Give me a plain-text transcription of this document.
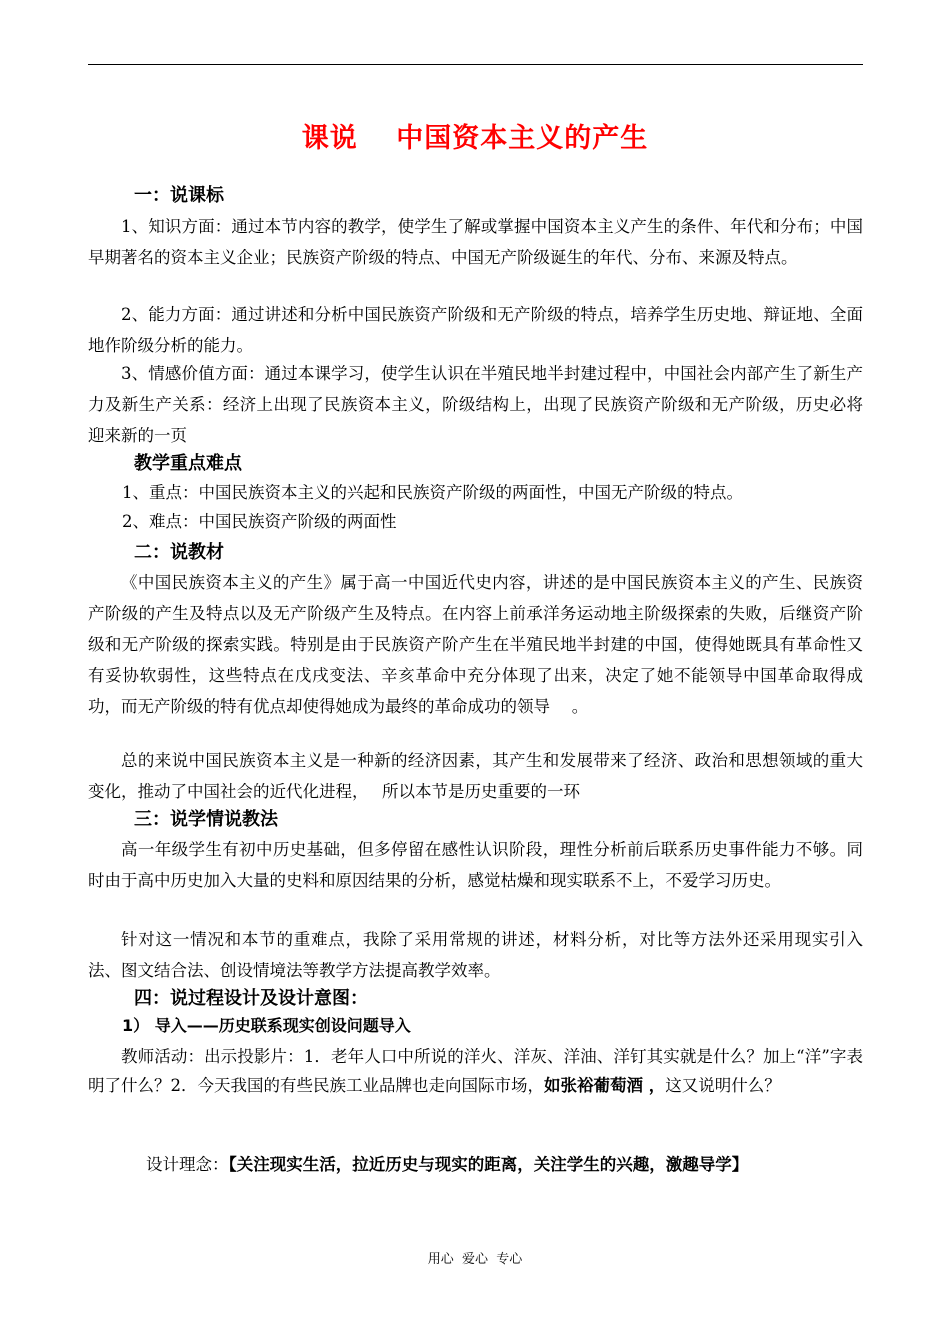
课说　 中国资本主义的产生
一：说课标
1、知识方面：通过本节内容的教学，使学生了解或掌握中国资本主义产生的条件、年代和分布；中国早期著名的资本主义企业；民族资产阶级的特点、中国无产阶级诞生的年代、分布、来源及特点。
2、能力方面：通过讲述和分析中国民族资产阶级和无产阶级的特点，培养学生历史地、辩证地、全面地作阶级分析的能力。
3、情感价值方面：通过本课学习，使学生认识在半殖民地半封建过程中，中国社会内部产生了新生产力及新生产关系：经济上出现了民族资本主义，阶级结构上，出现了民族资产阶级和无产阶级，历史必将迎来新的一页
教学重点难点
1、重点：中国民族资本主义的兴起和民族资产阶级的两面性，中国无产阶级的特点。
2、难点：中国民族资产阶级的两面性
二：说教材
《中国民族资本主义的产生》属于高一中国近代史内容，讲述的是中国民族资本主义的产生、民族资产阶级的产生及特点以及无产阶级产生及特点。在内容上前承洋务运动地主阶级探索的失败，后继资产阶级和无产阶级的探索实践。特别是由于民族资产阶产生在半殖民地半封建的中国，使得她既具有革命性又有妥协软弱性，这些特点在戊戌变法、辛亥革命中充分体现了出来，决定了她不能领导中国革命取得成功，而无产阶级的特有优点却使得她成为最终的革命成功的领导　 。
总的来说中国民族资本主义是一种新的经济因素，其产生和发展带来了经济、政治和思想领域的重大变化，推动了中国社会的近代化进程，　 所以本节是历史重要的一环
三：说学情说教法
高一年级学生有初中历史基础，但多停留在感性认识阶段，理性分析前后联系历史事件能力不够。同时由于高中历史加入大量的史料和原因结果的分析，感觉枯燥和现实联系不上，不爱学习历史。
针对这一情况和本节的重难点，我除了采用常规的讲述，材料分析，对比等方法外还采用现实引入法、图文结合法、创设情境法等教学方法提高教学效率。
四：说过程设计及设计意图：
1） 导入——历史联系现实创设问题导入
教师活动：出示投影片：1．老年人口中所说的洋火、洋灰、洋油、洋钉其实就是什么？加上“洋”字表明了什么？2．今天我国的有些民族工业品牌也走向国际市场，如张裕葡萄酒 ，这又说明什么？
设计理念：【关注现实生活，拉近历史与现实的距离，关注学生的兴趣，激趣导学】
用心  爱心  专心
